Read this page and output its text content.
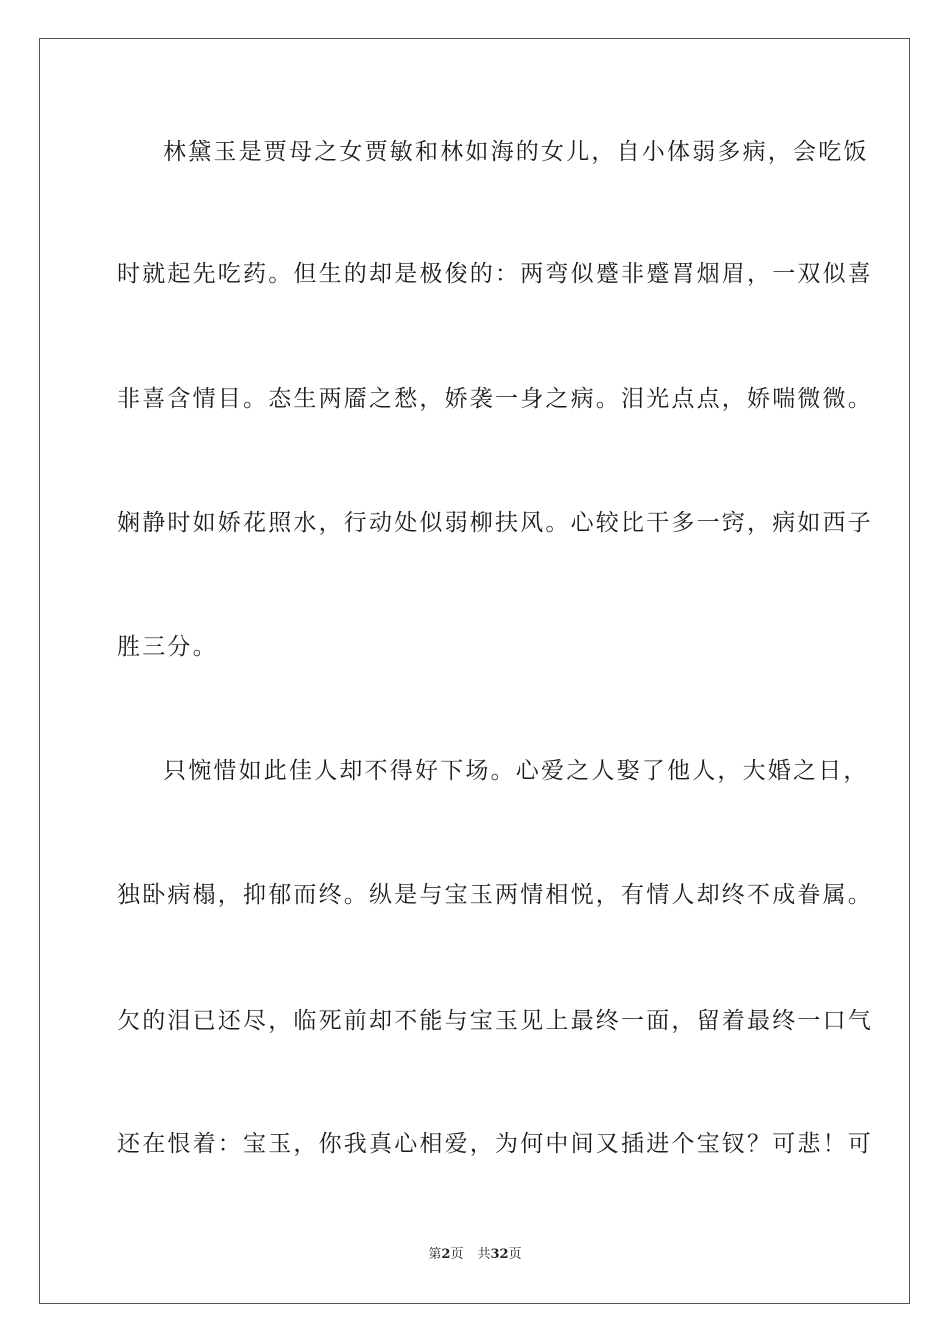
林黛玉是贾母之女贾敏和林如海的女儿，自小体弱多病，会吃饭
时就起先吃药。但生的却是极俊的：两弯似蹙非蹙罥烟眉，一双似喜
非喜含情目。态生两靥之愁，娇袭一身之病。泪光点点，娇喘微微。
娴静时如娇花照水，行动处似弱柳扶风。心较比干多一窍，病如西子
胜三分。
只惋惜如此佳人却不得好下场。心爱之人娶了他人，大婚之日，
独卧病榻，抑郁而终。纵是与宝玉两情相悦，有情人却终不成眷属。
欠的泪已还尽，临死前却不能与宝玉见上最终一面，留着最终一口气
还在恨着：宝玉，你我真心相爱，为何中间又插进个宝钗？可悲！可
第2页 共32页
